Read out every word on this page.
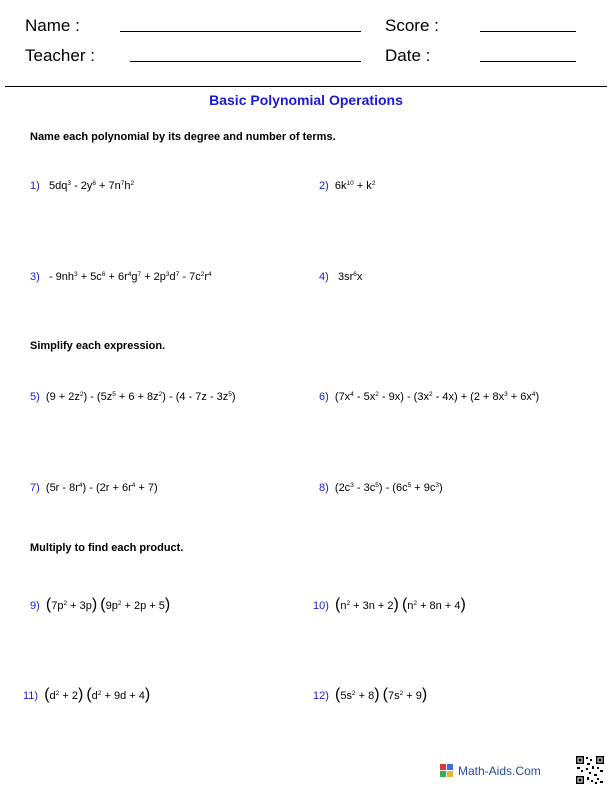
Name :	Score :
Teacher :	Date :
Basic Polynomial Operations
Name each polynomial by its degree and number of terms.
1) $5dq^3 - 2y^6 + 7n^7h^2$	2) $6k^{10} + k^2$
$3) - 9nh^3 + 5c^6 + 6r^4g^7 + 2p^3d^7 - 7c^2r^4$	4) $3sr^6x$
Simplify each expression.
5) $(9 + 2z^2) - (5z^5 + 6 + 8z^2) - (4 - 7z - 3z^5)$	6) $(7x^4 - 5x^2 - 9x) - (3x^2 - 4x) + (2 + 8x^3 + 6x^4)$
7) $(5r - 8r^4) - (2r + 6r^4 + 7)$	8) $(2c^3 - 3c^5) - (6c^5 + 9c^3)$
Multiply to find each product.
9) $(7p^2 + 3p) (9p^2 + 2p + 5)$	10) $(n^2 + 3n + 2) (n^2 + 8n + 4)$
11) $(d^2 + 2) (d^2 + 9d + 4)$	12) $(5s^2 + 8) (7s^2 + 9)$
Math-Aids.Com
